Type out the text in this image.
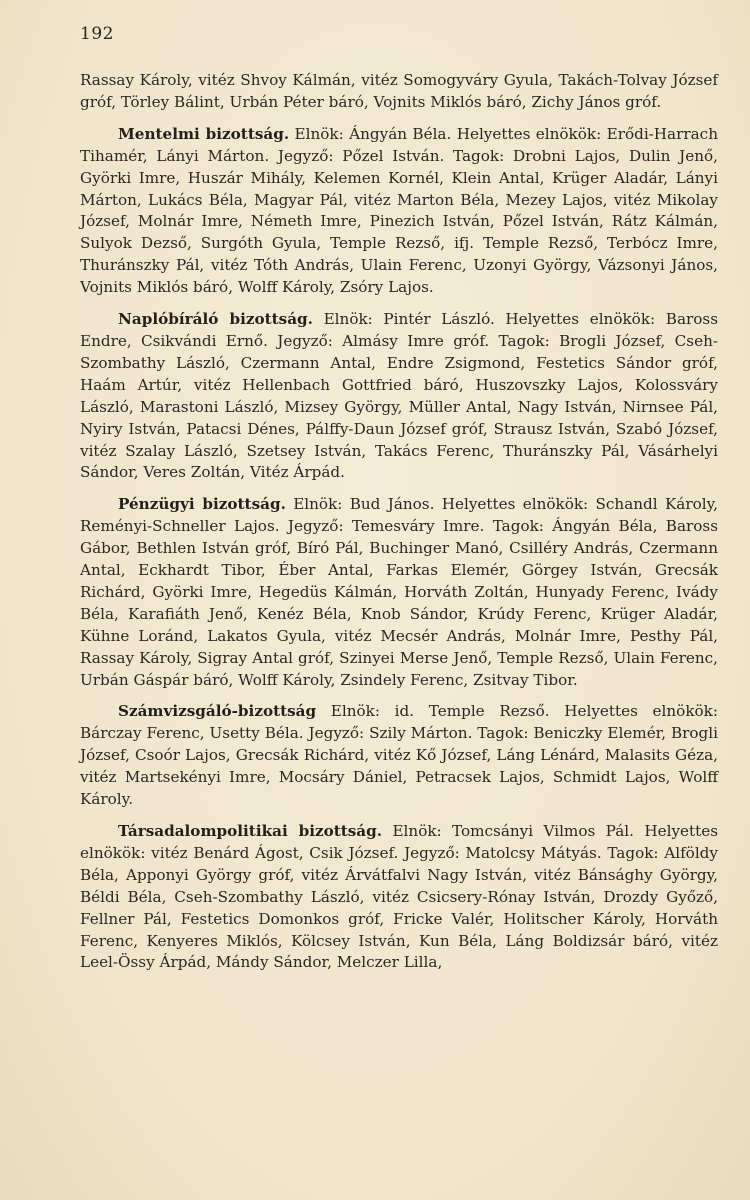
192

Rassay Károly, vitéz Shvoy Kálmán, vitéz Somogyváry Gyula, Takách-Tolvay József gróf, Törley Bálint, Urbán Péter báró, Vojnits Miklós báró, Zichy János gróf.

Mentelmi bizottság. Elnök: Ángyán Béla. Helyettes elnökök: Erődi-Harrach Tihamér, Lányi Márton. Jegyző: Pőzel István. Tagok: Drobni Lajos, Dulin Jenő, Györki Imre, Huszár Mihály, Kelemen Kornél, Klein Antal, Krüger Aladár, Lányi Márton, Lukács Béla, Magyar Pál, vitéz Marton Béla, Mezey Lajos, vitéz Mikolay József, Molnár Imre, Németh Imre, Pinezich István, Pőzel István, Rátz Kálmán, Sulyok Dezső, Surgóth Gyula, Temple Rezső, ifj. Temple Rezső, Terbócz Imre, Thuránszky Pál, vitéz Tóth András, Ulain Ferenc, Uzonyi György, Vázsonyi János, Vojnits Miklós báró, Wolff Károly, Zsóry Lajos.

Naplóbíráló bizottság. Elnök: Pintér László. Helyettes elnökök: Baross Endre, Csikvándi Ernő. Jegyző: Almásy Imre gróf. Tagok: Brogli József, Cseh-Szombathy László, Czermann Antal, Endre Zsigmond, Festetics Sándor gróf, Haám Artúr, vitéz Hellenbach Gottfried báró, Huszovszky Lajos, Kolossváry László, Marastoni László, Mizsey György, Müller Antal, Nagy István, Nirnsee Pál, Nyiry István, Patacsi Dénes, Pálffy-Daun József gróf, Strausz István, Szabó József, vitéz Szalay László, Szetsey István, Takács Ferenc, Thuránszky Pál, Vásárhelyi Sándor, Veres Zoltán, Vitéz Árpád.

Pénzügyi bizottság. Elnök: Bud János. Helyettes elnökök: Schandl Károly, Reményi-Schneller Lajos. Jegyző: Temesváry Imre. Tagok: Ángyán Béla, Baross Gábor, Bethlen István gróf, Bíró Pál, Buchinger Manó, Csilléry András, Czermann Antal, Eckhardt Tibor, Éber Antal, Farkas Elemér, Görgey István, Grecsák Richárd, Györki Imre, Hegedüs Kálmán, Horváth Zoltán, Hunyady Ferenc, Ivády Béla, Karafiáth Jenő, Kenéz Béla, Knob Sándor, Krúdy Ferenc, Krüger Aladár, Kühne Loránd, Lakatos Gyula, vitéz Mecsér András, Molnár Imre, Pesthy Pál, Rassay Károly, Sigray Antal gróf, Szinyei Merse Jenő, Temple Rezső, Ulain Ferenc, Urbán Gáspár báró, Wolff Károly, Zsindely Ferenc, Zsitvay Tibor.

Számvizsgáló-bizottság Elnök: id. Temple Rezső. Helyettes elnökök: Bárczay Ferenc, Usetty Béla. Jegyző: Szily Márton. Tagok: Beniczky Elemér, Brogli József, Csoór Lajos, Grecsák Richárd, vitéz Kő József, Láng Lénárd, Malasits Géza, vitéz Martsekényi Imre, Mocsáry Dániel, Petracsek Lajos, Schmidt Lajos, Wolff Károly.

Társadalompolitikai bizottság. Elnök: Tomcsányi Vilmos Pál. Helyettes elnökök: vitéz Benárd Ágost, Csik József. Jegyző: Matolcsy Mátyás. Tagok: Alföldy Béla, Apponyi György gróf, vitéz Árvátfalvi Nagy István, vitéz Bánsághy György, Béldi Béla, Cseh-Szombathy László, vitéz Csicsery-Rónay István, Drozdy Győző, Fellner Pál, Festetics Domonkos gróf, Fricke Valér, Holitscher Károly, Horváth Ferenc, Kenyeres Miklós, Kölcsey István, Kun Béla, Láng Boldizsár báró, vitéz Leel-Össy Árpád, Mándy Sándor, Melczer Lilla,
